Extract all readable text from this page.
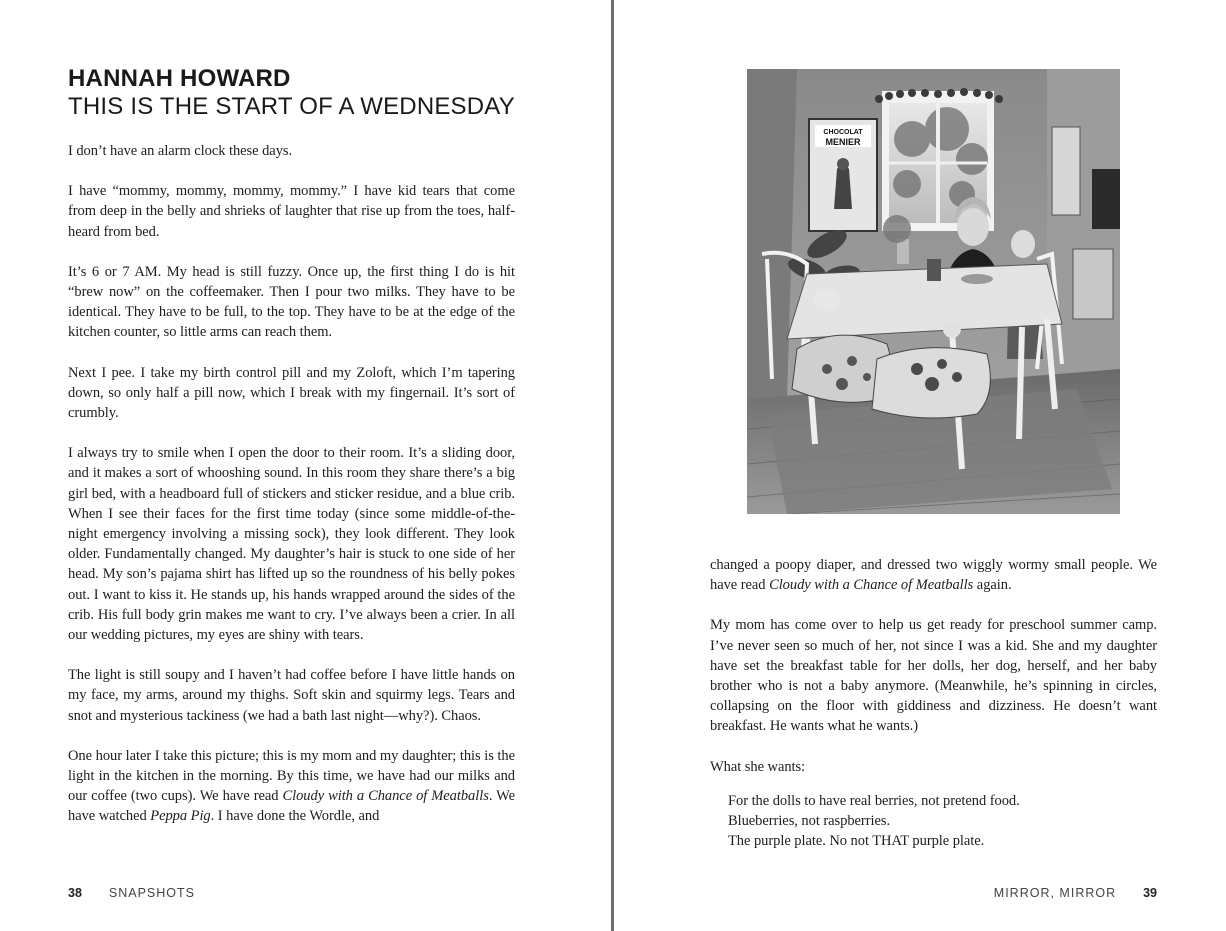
HANNAH HOWARD
THIS IS THE START OF A WEDNESDAY

I don’t have an alarm clock these days.

I have “mommy, mommy, mommy, mommy.” I have kid tears that come from deep in the belly and shrieks of laughter that rise up from the toes, half-heard from bed.

It’s 6 or 7 AM. My head is still fuzzy. Once up, the first thing I do is hit “brew now” on the coffeemaker. Then I pour two milks. They have to be identical. They have to be full, to the top. They have to be at the edge of the kitchen counter, so little arms can reach them.

Next I pee. I take my birth control pill and my Zoloft, which I’m tapering down, so only half a pill now, which I break with my fingernail. It’s sort of crumbly.

I always try to smile when I open the door to their room. It’s a sliding door, and it makes a sort of whooshing sound. In this room they share there’s a big girl bed, with a headboard full of stickers and sticker residue, and a blue crib. When I see their faces for the first time today (since some middle-of-the-night emergency involving a missing sock), they look different. They look older. Fundamentally changed. My daughter’s hair is stuck to one side of her head. My son’s pajama shirt has lifted up so the roundness of his belly pokes out. I want to kiss it. He stands up, his hands wrapped around the sides of the crib. His full body grin makes me want to cry. I’ve always been a crier. In all our wedding pictures, my eyes are shiny with tears.

The light is still soupy and I haven’t had coffee before I have little hands on my face, my arms, around my thighs. Soft skin and squirmy legs. Tears and snot and mysterious tackiness (we had a bath last night—why?). Chaos.

One hour later I take this picture; this is my mom and my daughter; this is the light in the kitchen in the morning. By this time, we have had our milks and our coffee (two cups). We have read Cloudy with a Chance of Meatballs. We have watched Peppa Pig. I have done the Wordle, and

38 SNAPSHOTS
CHOCOLAT
MENIER

changed a poopy diaper, and dressed two wiggly wormy small people. We have read Cloudy with a Chance of Meatballs again.

My mom has come over to help us get ready for preschool summer camp. I’ve never seen so much of her, not since I was a kid. She and my daughter have set the breakfast table for her dolls, her dog, herself, and her baby brother who is not a baby anymore. (Meanwhile, he’s spinning in circles, collapsing on the floor with giddiness and dizziness. He doesn’t want breakfast. He wants what he wants.)

What she wants:

For the dolls to have real berries, not pretend food.

Blueberries, not raspberries.

The purple plate. No not THAT purple plate.

MIRROR, MIRROR 39
